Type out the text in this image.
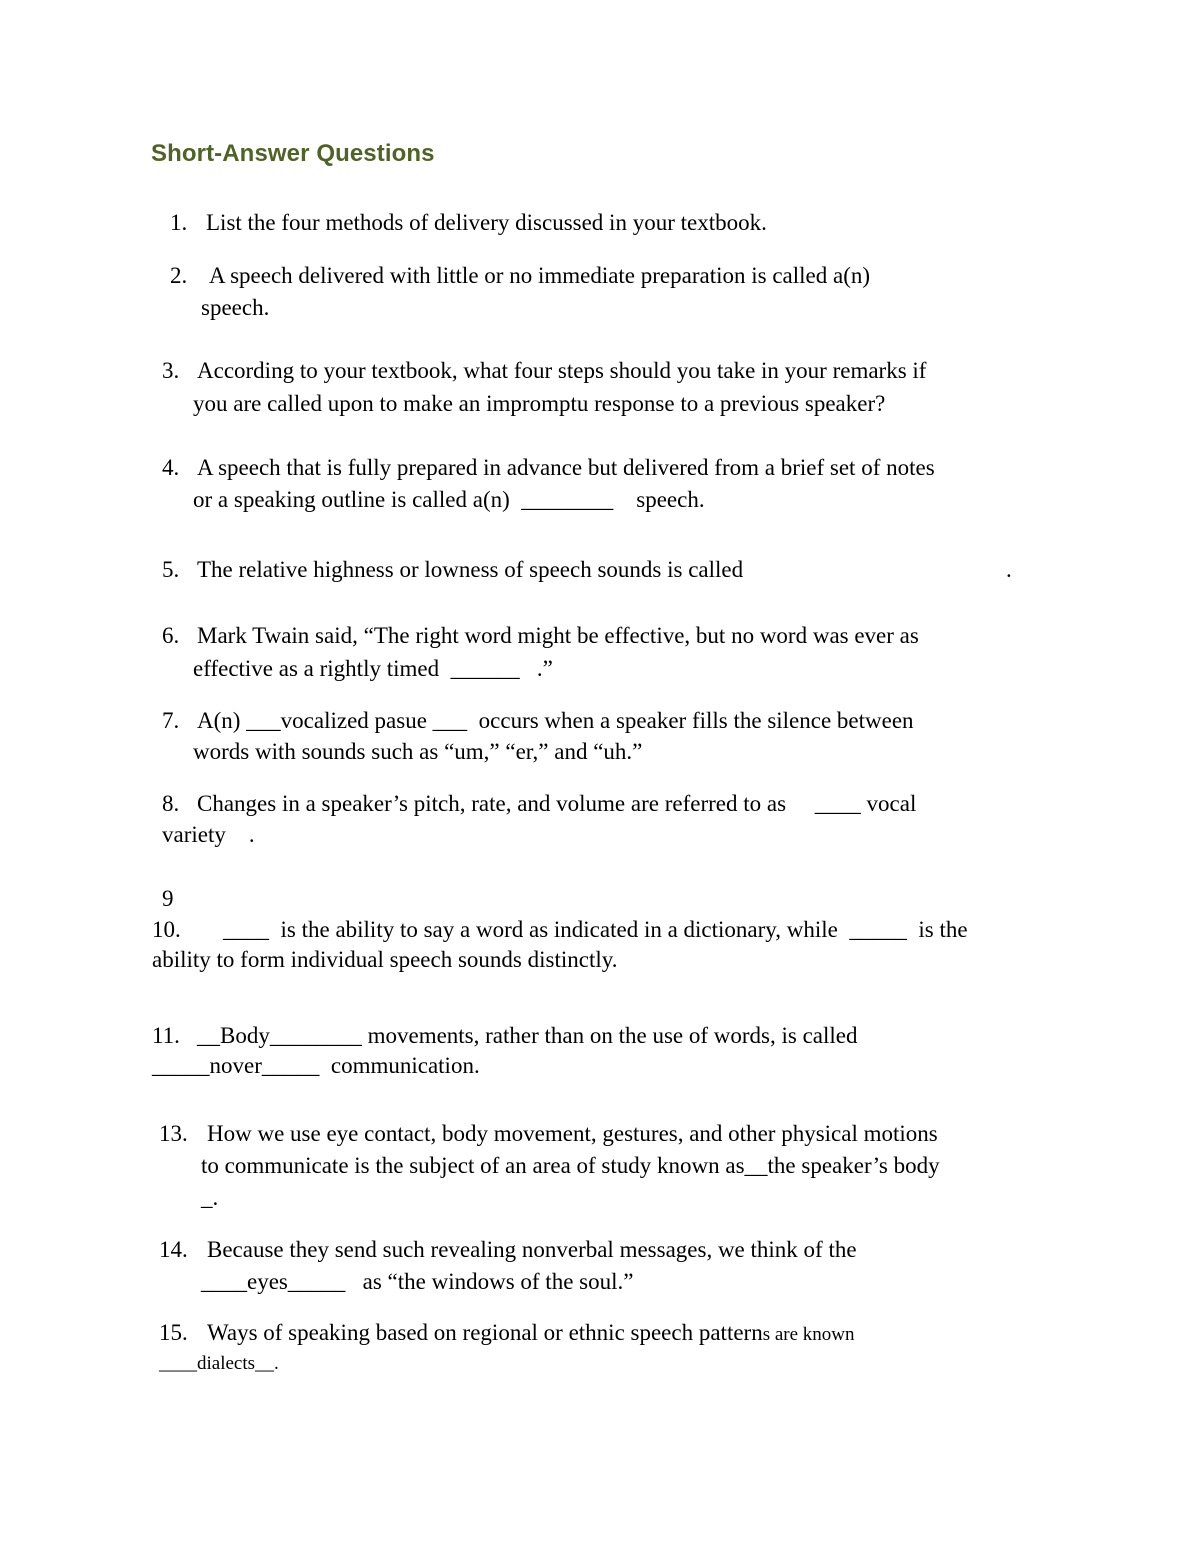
Short-Answer Questions
1. List the four methods of delivery discussed in your textbook.
2. A speech delivered with little or no immediate preparation is called a(n)
speech.
3. According to your textbook, what four steps should you take in your remarks if
you are called upon to make an impromptu response to a previous speaker?
4. A speech that is fully prepared in advance but delivered from a brief set of notes
or a speaking outline is called a(n)  ________    speech.
5. The relative highness or lowness of speech sounds is called	.
6. Mark Twain said, “The right word might be effective, but no word was ever as
effective as a rightly timed  ______   .”
7. A(n) ___vocalized pasue ___  occurs when a speaker fills the silence between
words with sounds such as “um,” “er,” and “uh.”
8. Changes in a speaker’s pitch, rate, and volume are referred to as     ____ vocal
variety    .
9
10. ____  is the ability to say a word as indicated in a dictionary, while  _____  is the
ability to form individual speech sounds distinctly.
11. __Body________ movements, rather than on the use of words, is called
_____nover_____  communication.
13. How we use eye contact, body movement, gestures, and other physical motions
to communicate is the subject of an area of study known as__the speaker’s body
_.
14. Because they send such revealing nonverbal messages, we think of the
____eyes_____   as “the windows of the soul.”
15. Ways of speaking based on regional or ethnic speech patterns are known
____dialects__.
